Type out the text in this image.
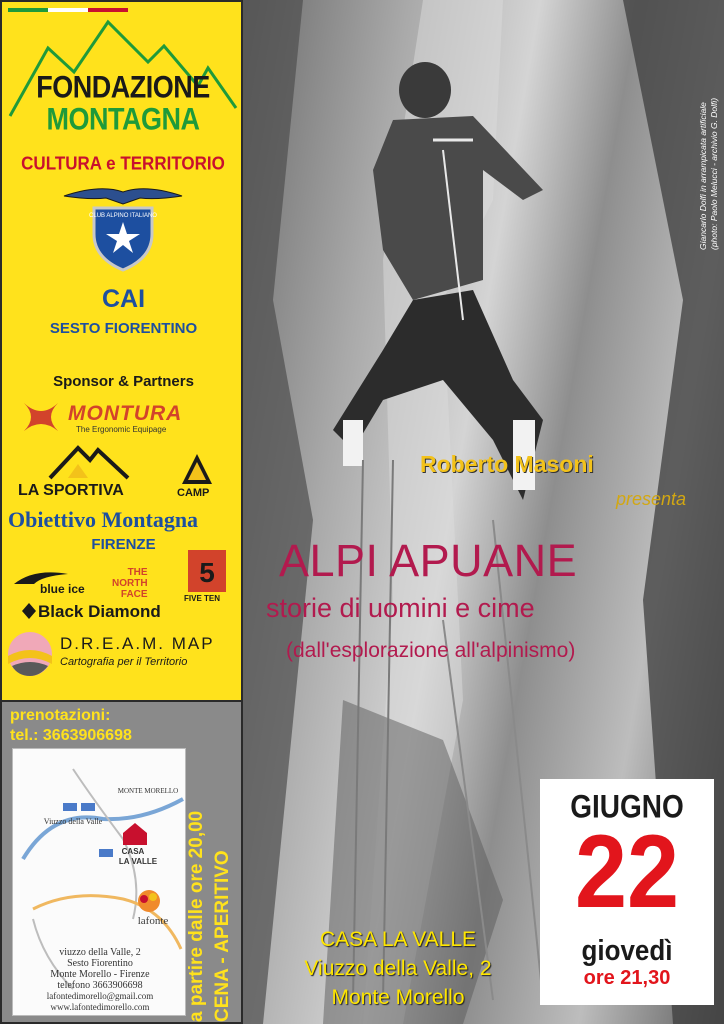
FONDAZIONE
MONTAGNA
CULTURA e TERRITORIO
CLUB ALPINO ITALIANO
CAI
SESTO FIORENTINO
Sponsor & Partners
MONTURA
The Ergonomic Equipage
LA SPORTIVA	CAMP
Obiettivo Montagna
FIRENZE
blue ice
THE
NORTH
FACE
5
FIVE TEN
Black Diamond
D.R.E.A.M. MAP
Cartografia per il Territorio
prenotazioni:
tel.: 3663906698
Viuzzo della Valle
MONTE MORELLO
CASA
LA VALLE
lafonte
viuzzo della Valle, 2
Sesto Fiorentino
Monte Morello - Firenze
telefono 3663906698
lafontedimorello@gmail.com
www.lafontedimorello.com	a partire dalle ore 20,00 CENA - APERITIVO
Giancarlo Dolfi in arrampicata artificiale (photo: Paolo Melucci - archivio G. Dolfi)
Roberto Masoni
presenta
ALPI APUANE
storie di uomini e cime
(dall'esplorazione all'alpinismo)
GIUGNO
22
giovedì
ore 21,30
CASA LA VALLE
Viuzzo della Valle, 2
Monte Morello
